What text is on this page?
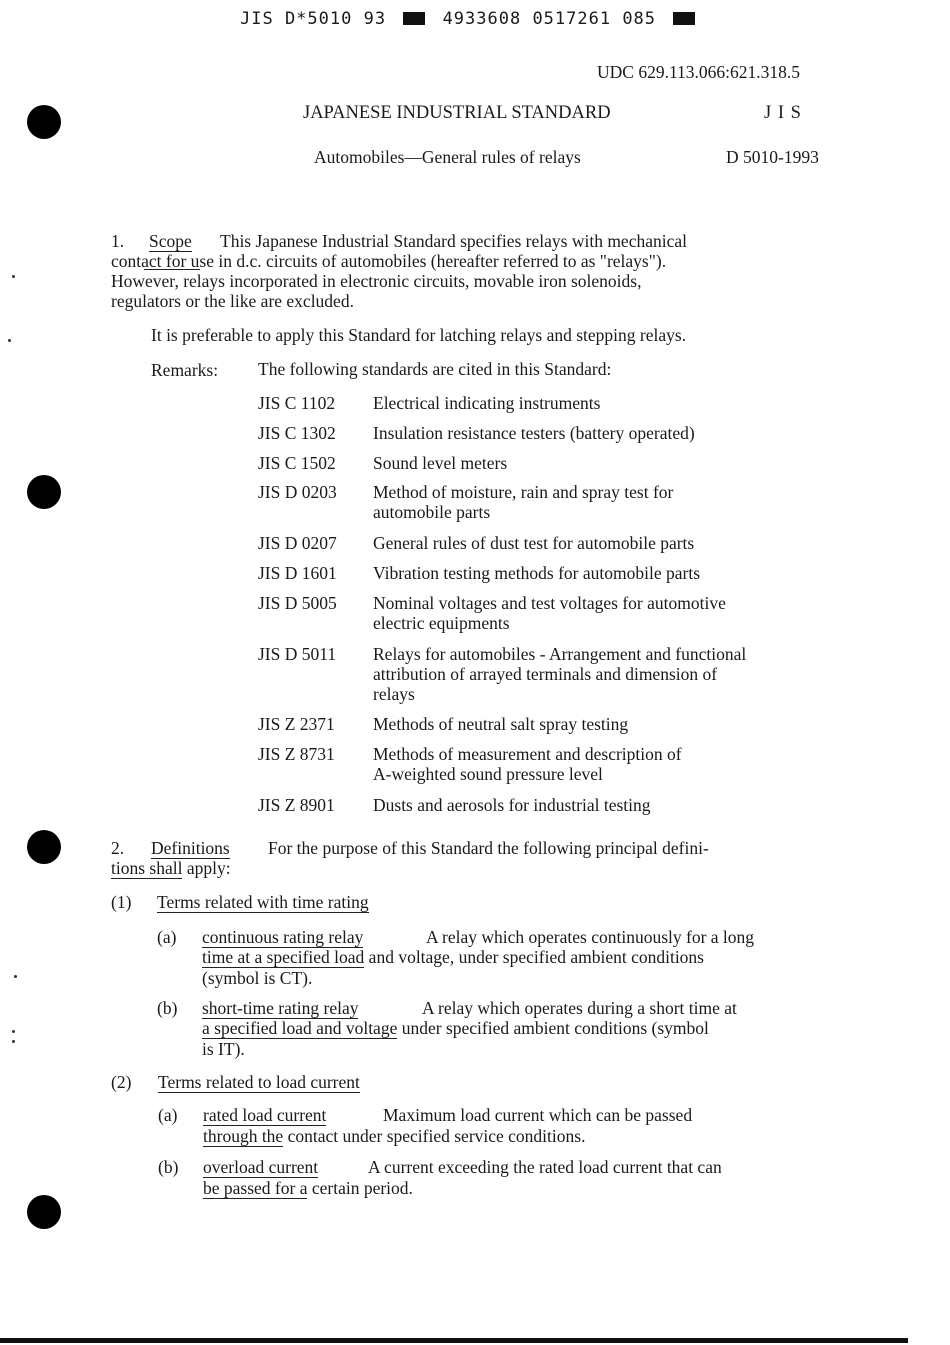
JIS D*5010 93	4933608 0517261 085
UDC 629.113.066:621.318.5
JAPANESE INDUSTRIAL STANDARD	J I S
Automobiles—General rules of relays	D 5010-1993
1. Scope This Japanese Industrial Standard specifies relays with mechanical
contact for use in d.c. circuits of automobiles (hereafter referred to as "relays").
However, relays incorporated in electronic circuits, movable iron solenoids,
regulators or the like are excluded.
It is preferable to apply this Standard for latching relays and stepping relays.
Remarks: The following standards are cited in this Standard:
JIS C 1102 Electrical indicating instruments
JIS C 1302 Insulation resistance testers (battery operated)
JIS C 1502 Sound level meters
JIS D 0203 Method of moisture, rain and spray test for
automobile parts
JIS D 0207 General rules of dust test for automobile parts
JIS D 1601 Vibration testing methods for automobile parts
JIS D 5005 Nominal voltages and test voltages for automotive
electric equipments
JIS D 5011 Relays for automobiles - Arrangement and functional
attribution of arrayed terminals and dimension of
relays
JIS Z 2371 Methods of neutral salt spray testing
JIS Z 8731 Methods of measurement and description of
A-weighted sound pressure level
JIS Z 8901 Dusts and aerosols for industrial testing
2. Definitions For the purpose of this Standard the following principal defini-
tions shall apply:
(1) Terms related with time rating
(a) continuous rating relay	A relay which operates continuously for a long
time at a specified load and voltage, under specified ambient conditions
(symbol is CT).
(b) short-time rating relay	A relay which operates during a short time at
a specified load and voltage under specified ambient conditions (symbol
is IT).
(2) Terms related to load current
(a) rated load current	Maximum load current which can be passed
through the contact under specified service conditions.
(b) overload current	A current exceeding the rated load current that can
be passed for a certain period.
